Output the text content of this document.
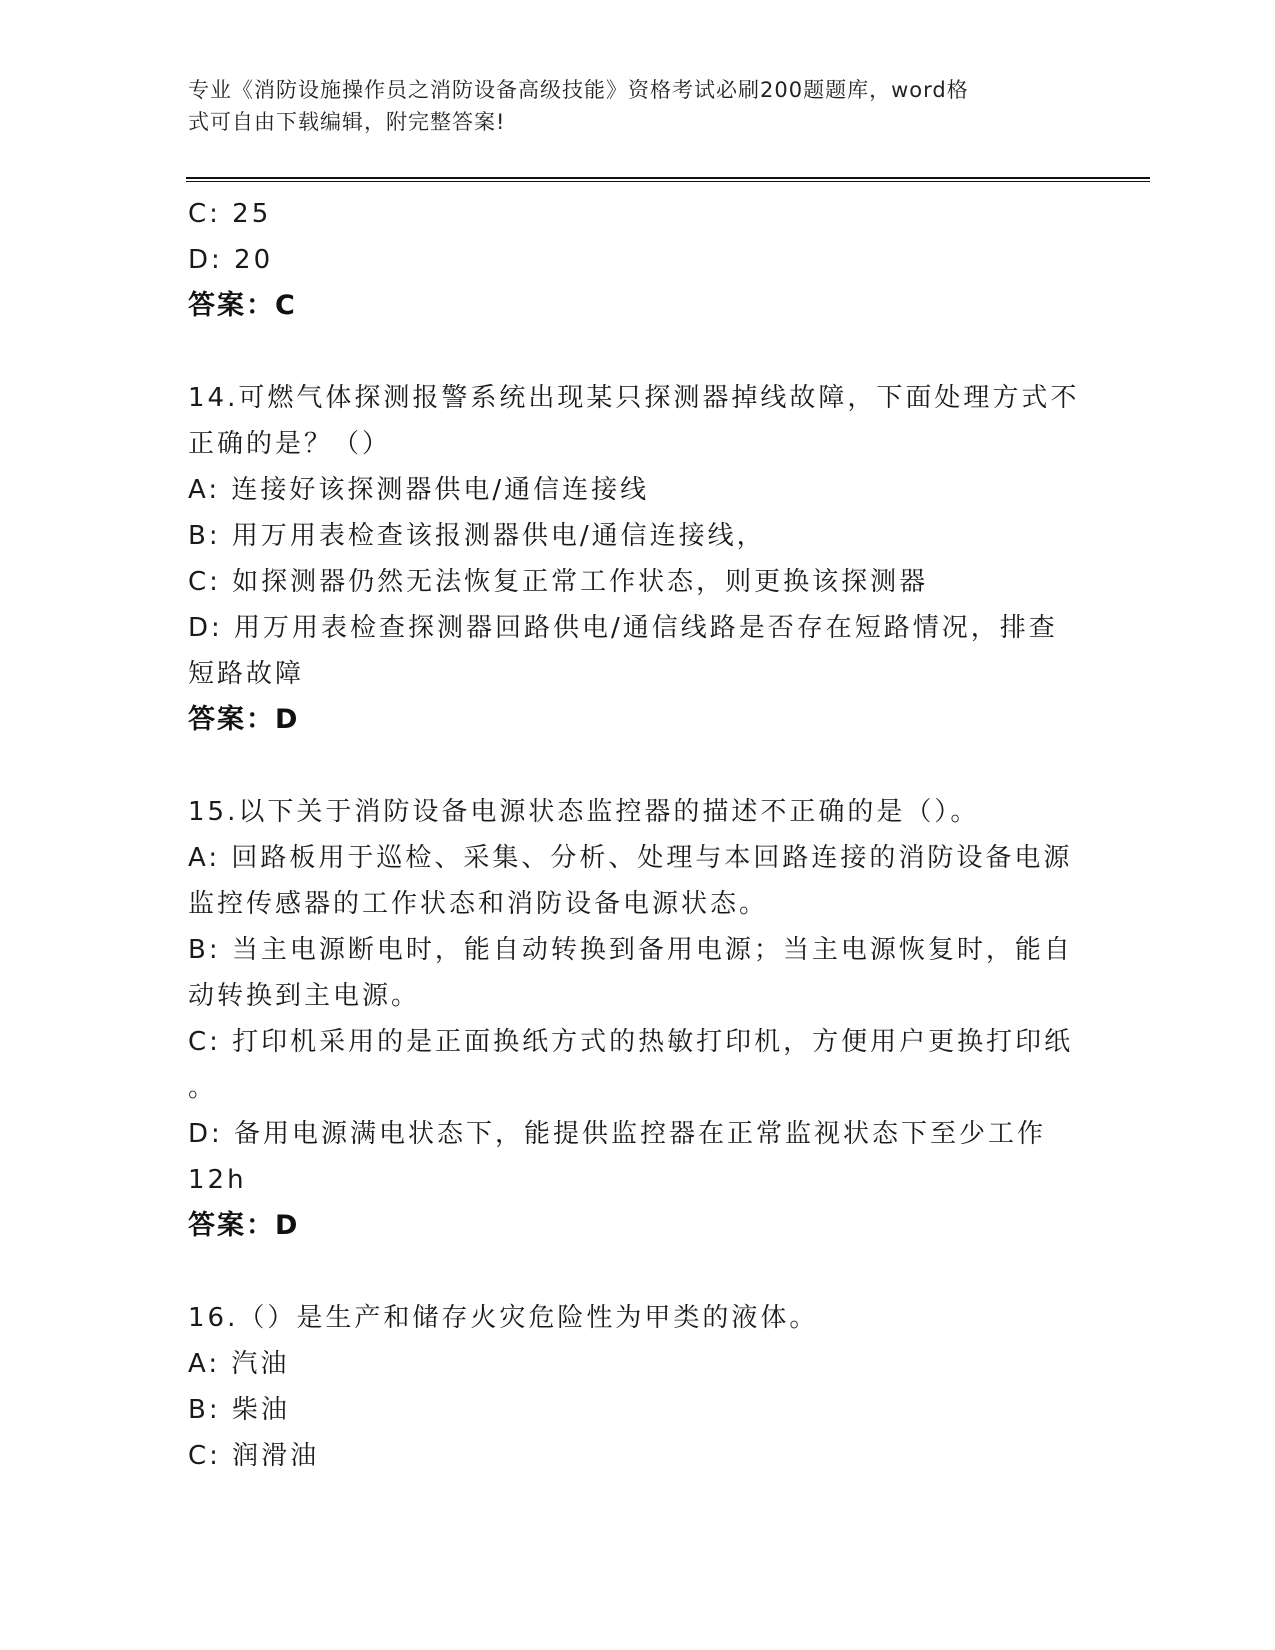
专业《消防设施操作员之消防设备高级技能》资格考试必刷200题题库，word格
式可自由下载编辑，附完整答案!
C: 25
D: 20
答案：C
14.可燃气体探测报警系统出现某只探测器掉线故障，下面处理方式不
正确的是？（）
A: 连接好该探测器供电/通信连接线
B: 用万用表检查该报测器供电/通信连接线，
C: 如探测器仍然无法恢复正常工作状态，则更换该探测器
D: 用万用表检查探测器回路供电/通信线路是否存在短路情况，排查
短路故障
答案：D
15.以下关于消防设备电源状态监控器的描述不正确的是（）。
A: 回路板用于巡检、采集、分析、处理与本回路连接的消防设备电源
监控传感器的工作状态和消防设备电源状态。
B: 当主电源断电时，能自动转换到备用电源；当主电源恢复时，能自
动转换到主电源。
C: 打印机采用的是正面换纸方式的热敏打印机，方便用户更换打印纸
。
D: 备用电源满电状态下，能提供监控器在正常监视状态下至少工作
12h
答案：D
16.（）是生产和储存火灾危险性为甲类的液体。
A: 汽油
B: 柴油
C: 润滑油
